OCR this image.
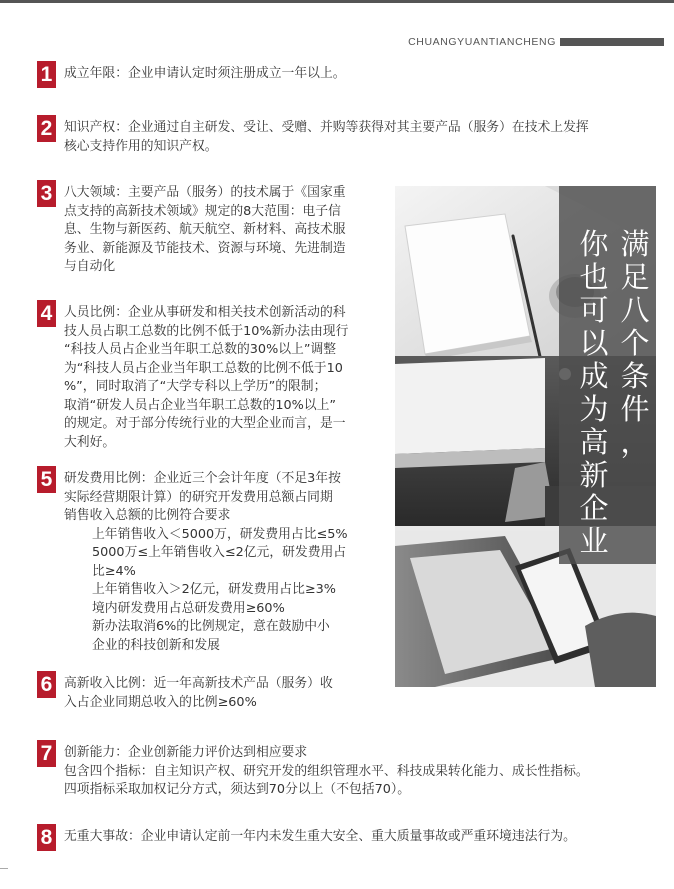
CHUANGYUANTIANCHENG
1 成立年限：企业申请认定时须注册成立一年以上。

2 知识产权：企业通过自主研发、受让、受赠、并购等获得对其主要产品（服务）在技术上发挥

核心支持作用的知识产权。

3 八大领域：主要产品（服务）的技术属于《国家重

点支持的高新技术领域》规定的8大范围：电子信

息、生物与新医药、航天航空、新材料、高技术服

务业、新能源及节能技术、资源与环境、先进制造

与自动化

4 人员比例：企业从事研发和相关技术创新活动的科

技人员占职工总数的比例不低于10%新办法由现行

“科技人员占企业当年职工总数的30%以上”调整

为“科技人员占企业当年职工总数的比例不低于10

%”，同时取消了“大学专科以上学历”的限制；

取消“研发人员占企业当年职工总数的10%以上”

的规定。对于部分传统行业的大型企业而言，是一

大利好。

5 研发费用比例：企业近三个会计年度（不足3年按

实际经营期限计算）的研究开发费用总额占同期

销售收入总额的比例符合要求

上年销售收入＜5000万，研发费用占比≤5%

5000万≤上年销售收入≤2亿元，研发费用占

比≥4%

上年销售收入＞2亿元，研发费用占比≥3%

境内研发费用占总研发费用≥60%

新办法取消6%的比例规定，意在鼓励中小

企业的科技创新和发展

6 高新收入比例：近一年高新技术产品（服务）收

入占企业同期总收入的比例≥60%

7 创新能力：企业创新能力评价达到相应要求

包含四个指标：自主知识产权、研究开发的组织管理水平、科技成果转化能力、成长性指标。

四项指标采取加权记分方式，须达到70分以上（不包括70）。

8 无重大事故：企业申请认定前一年内未发生重大安全、重大质量事故或严重环境违法行为。

满
足
八
个
条
件
，
你
也
可
以
成
为
高
新
企
业
